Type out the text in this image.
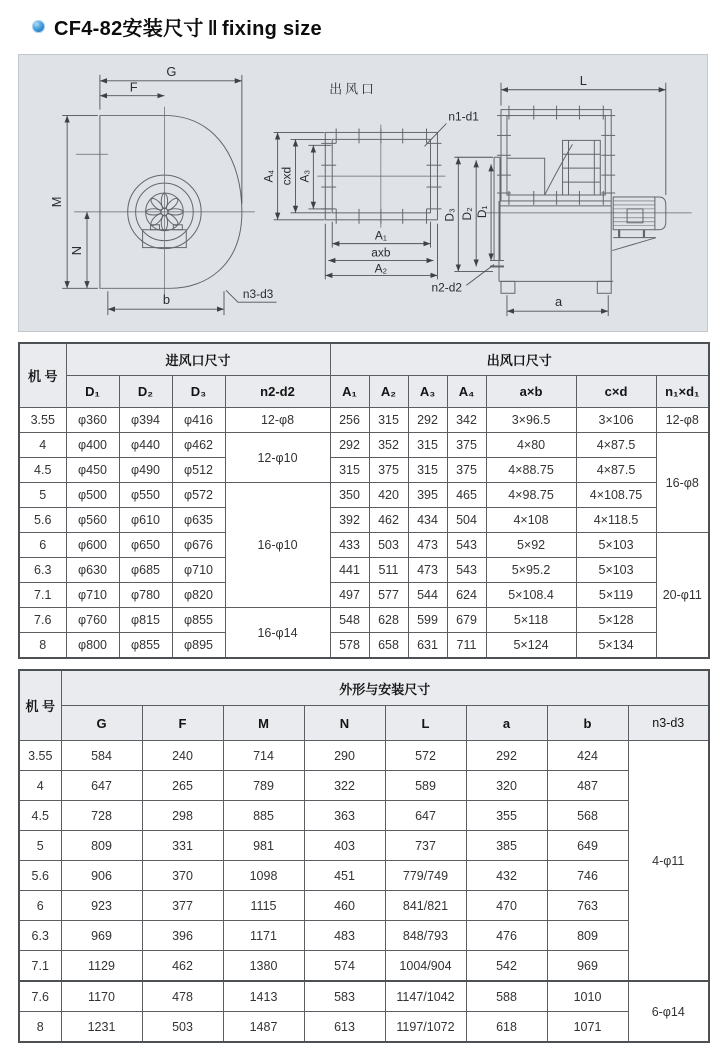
CF4-82安装尺寸 ‖ fixing size
G
F
M
N
b	n3-d3
出风口
A₄ cxd A₃
A₁
axb
A₂
n1-d1
L
D₃ D₂ D₁
n2-d2
a
机 号	进风口尺寸				出风口尺寸						
	D₁	D₂	D₃	n2-d2	A₁	A₂	A₃	A₄	a×b	c×d	n₁×d₁
3.55	φ360	φ394	φ416	12-φ8	256	315	292	342	3×96.5	3×106	12-φ8
4	φ400	φ440	φ462	12-φ10	292	352	315	375	4×80	4×87.5	16-φ8
4.5	φ450	φ490	φ512		315	375	315	375	4×88.75	4×87.5	
5	φ500	φ550	φ572	16-φ10	350	420	395	465	4×98.75	4×108.75	
5.6	φ560	φ610	φ635		392	462	434	504	4×108	4×118.5	
6	φ600	φ650	φ676		433	503	473	543	5×92	5×103	20-φ11
6.3	φ630	φ685	φ710		441	511	473	543	5×95.2	5×103	
7.1	φ710	φ780	φ820		497	577	544	624	5×108.4	5×119	
7.6	φ760	φ815	φ855	16-φ14	548	628	599	679	5×118	5×128	
8	φ800	φ855	φ895		578	658	631	711	5×124	5×134	
机 号	外形与安装尺寸							
	G	F	M	N	L	a	b	n3-d3
3.55	584	240	714	290	572	292	424	4-φ11
4	647	265	789	322	589	320	487	
4.5	728	298	885	363	647	355	568	
5	809	331	981	403	737	385	649	
5.6	906	370	1098	451	779/749	432	746	
6	923	377	1115	460	841/821	470	763	
6.3	969	396	1171	483	848/793	476	809	
7.1	1129	462	1380	574	1004/904	542	969	
7.6	1170	478	1413	583	1147/1042	588	1010	6-φ14
8	1231	503	1487	613	1197/1072	618	1071	
